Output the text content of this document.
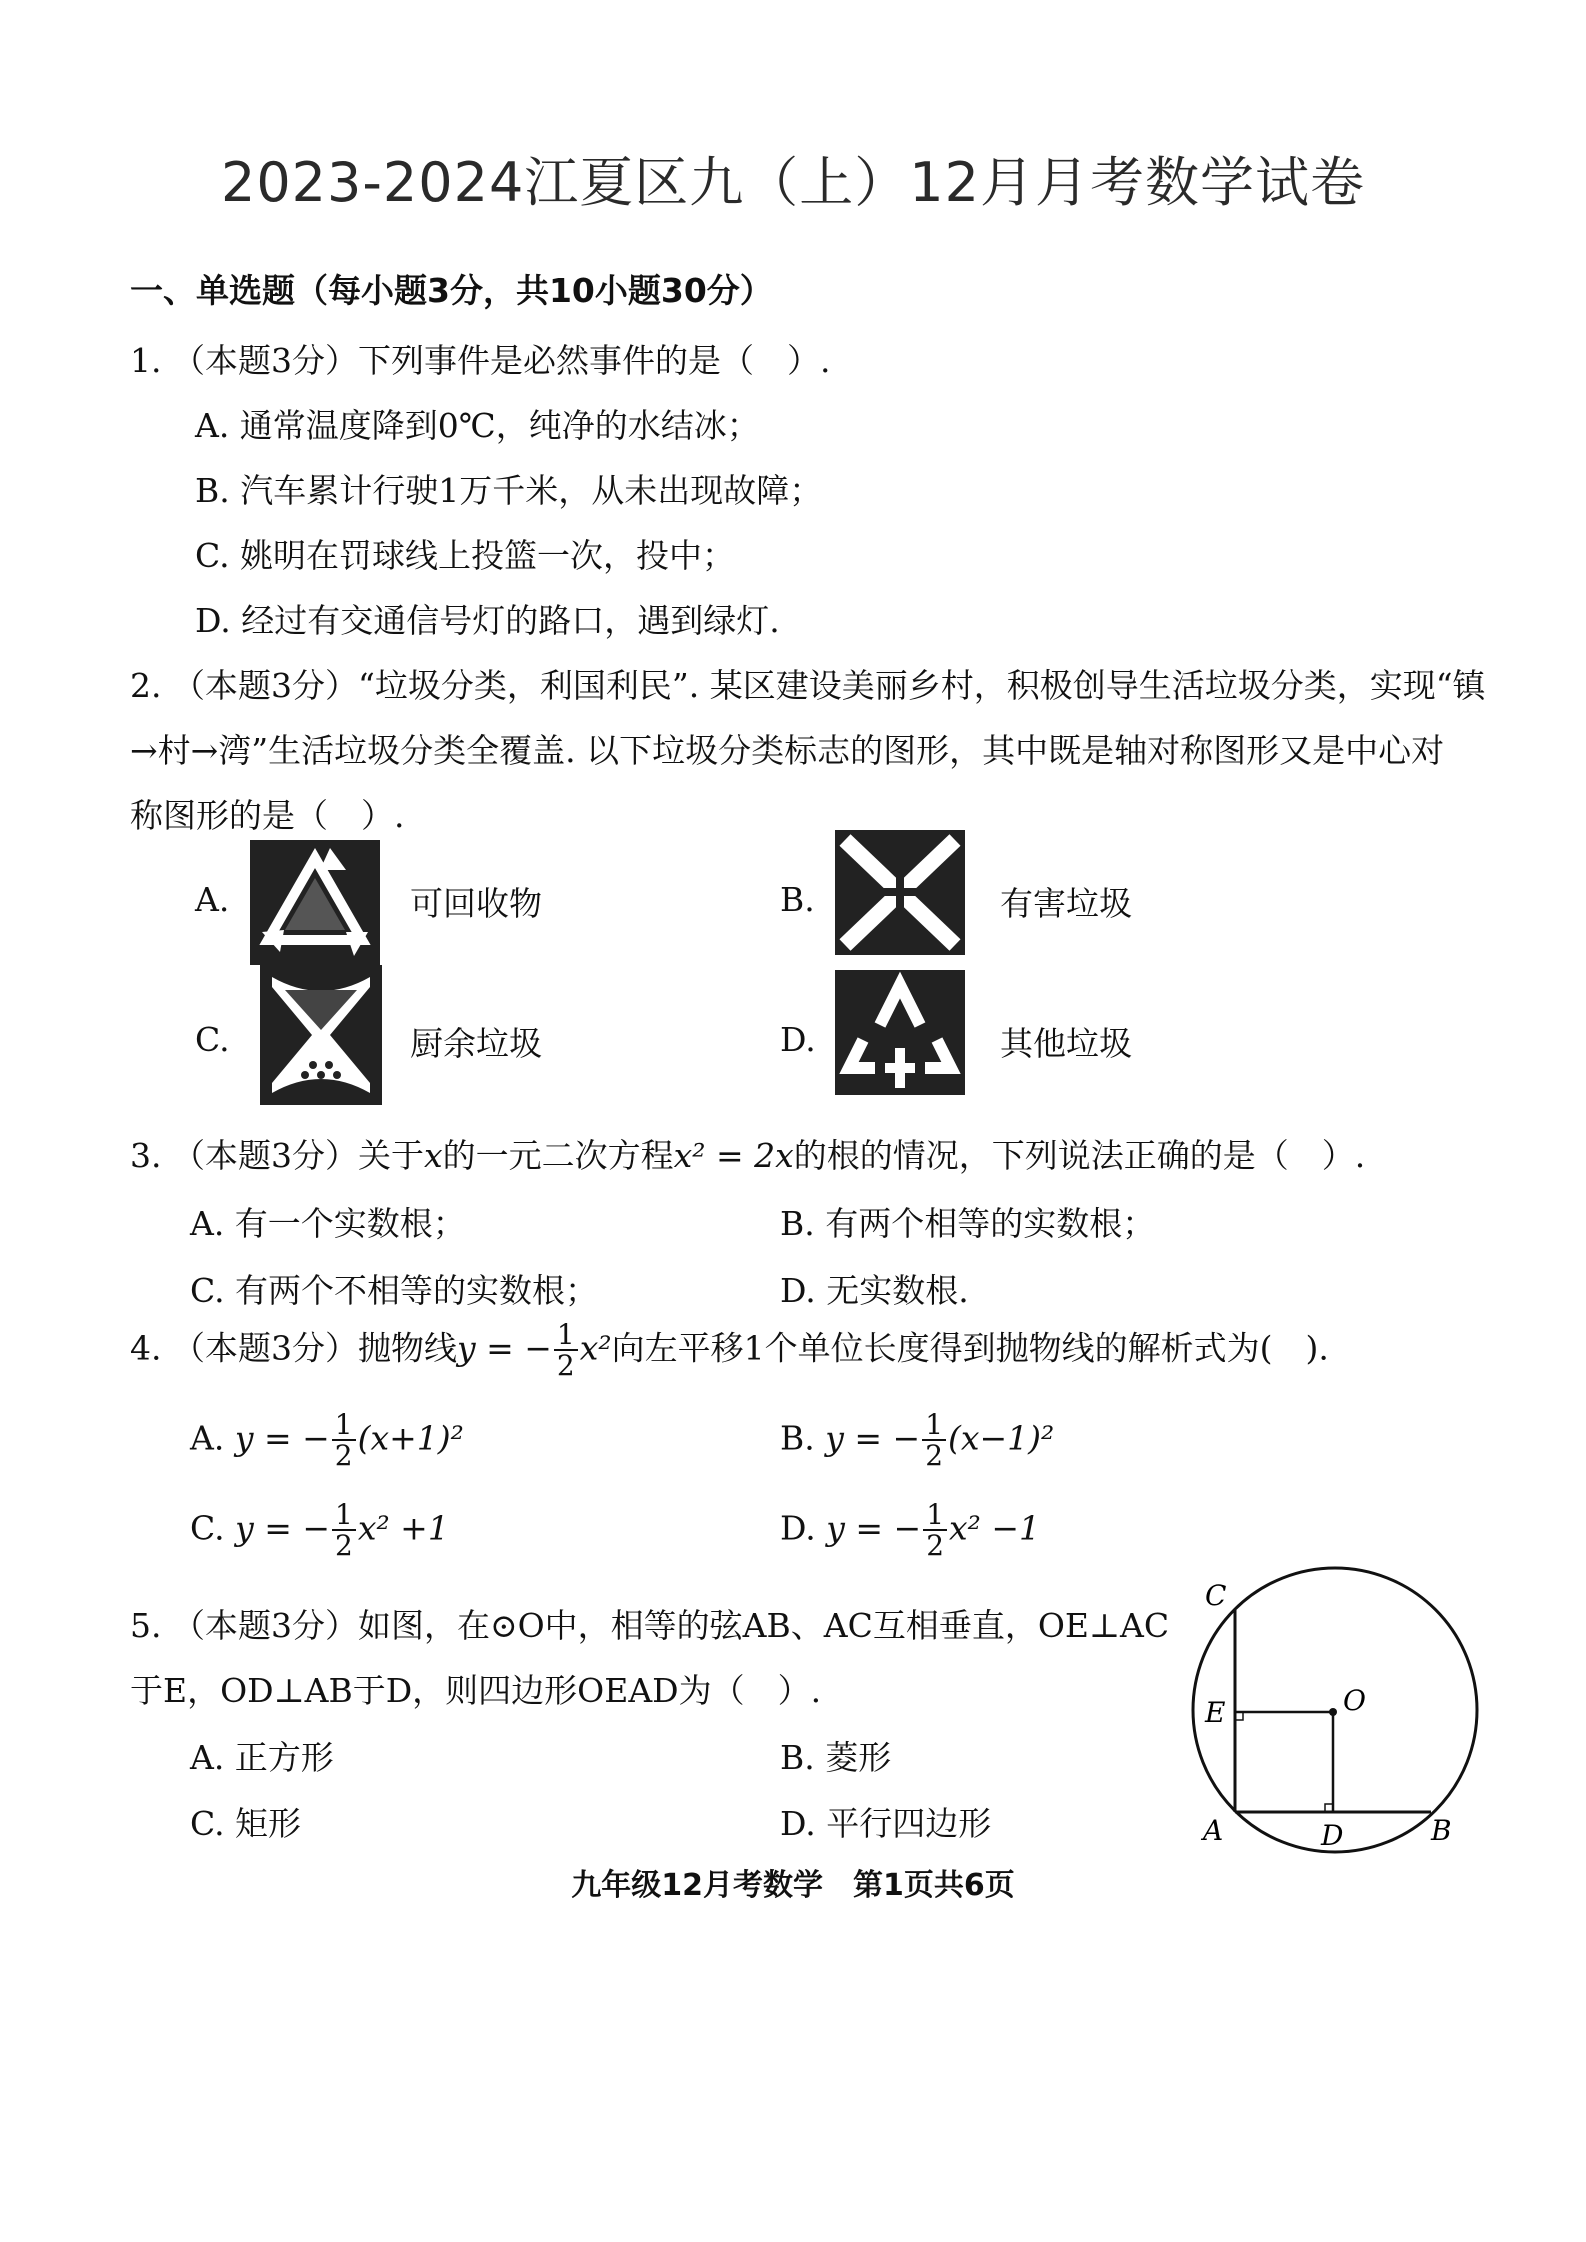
2023-2024江夏区九（上）12月月考数学试卷
一、单选题（每小题3分，共10小题30分）
1. （本题3分）下列事件是必然事件的是（　）.
A. 通常温度降到0℃，纯净的水结冰；
B. 汽车累计行驶1万千米，从未出现故障；
C. 姚明在罚球线上投篮一次，投中；
D. 经过有交通信号灯的路口，遇到绿灯.
2. （本题3分）“垃圾分类，利国利民”. 某区建设美丽乡村，积极创导生活垃圾分类，实现“镇
→村→湾”生活垃圾分类全覆盖. 以下垃圾分类标志的图形，其中既是轴对称图形又是中心对
称图形的是（　）.
A.	可回收物	B.	有害垃圾
C.	厨余垃圾	D.	其他垃圾
3. （本题3分）关于x的一元二次方程x² = 2x的根的情况，下列说法正确的是（　）.
A. 有一个实数根；	B. 有两个相等的实数根；
C. 有两个不相等的实数根；	D. 无实数根.
4. （本题3分）抛物线y = − $\frac{1}{2} x^2$向左平移1个单位长度得到抛物线的解析式为(　).
A. y = − $\frac{1}{2} (x+1)^2$	B. y = − $\frac{1}{2} (x-1)^2$
C. y = − $\frac{1}{2} x^2 +1$	D. y = − $\frac{1}{2} x^2 -1$
5. （本题3分）如图，在⊙O中，相等的弦AB、AC互相垂直，OE⊥AC
于E，OD⊥AB于D，则四边形OEAD为（　）.
A. 正方形	B. 菱形
C. 矩形	D. 平行四边形
C
E	O
A	D	B
九年级12月考数学　第1页共6页
